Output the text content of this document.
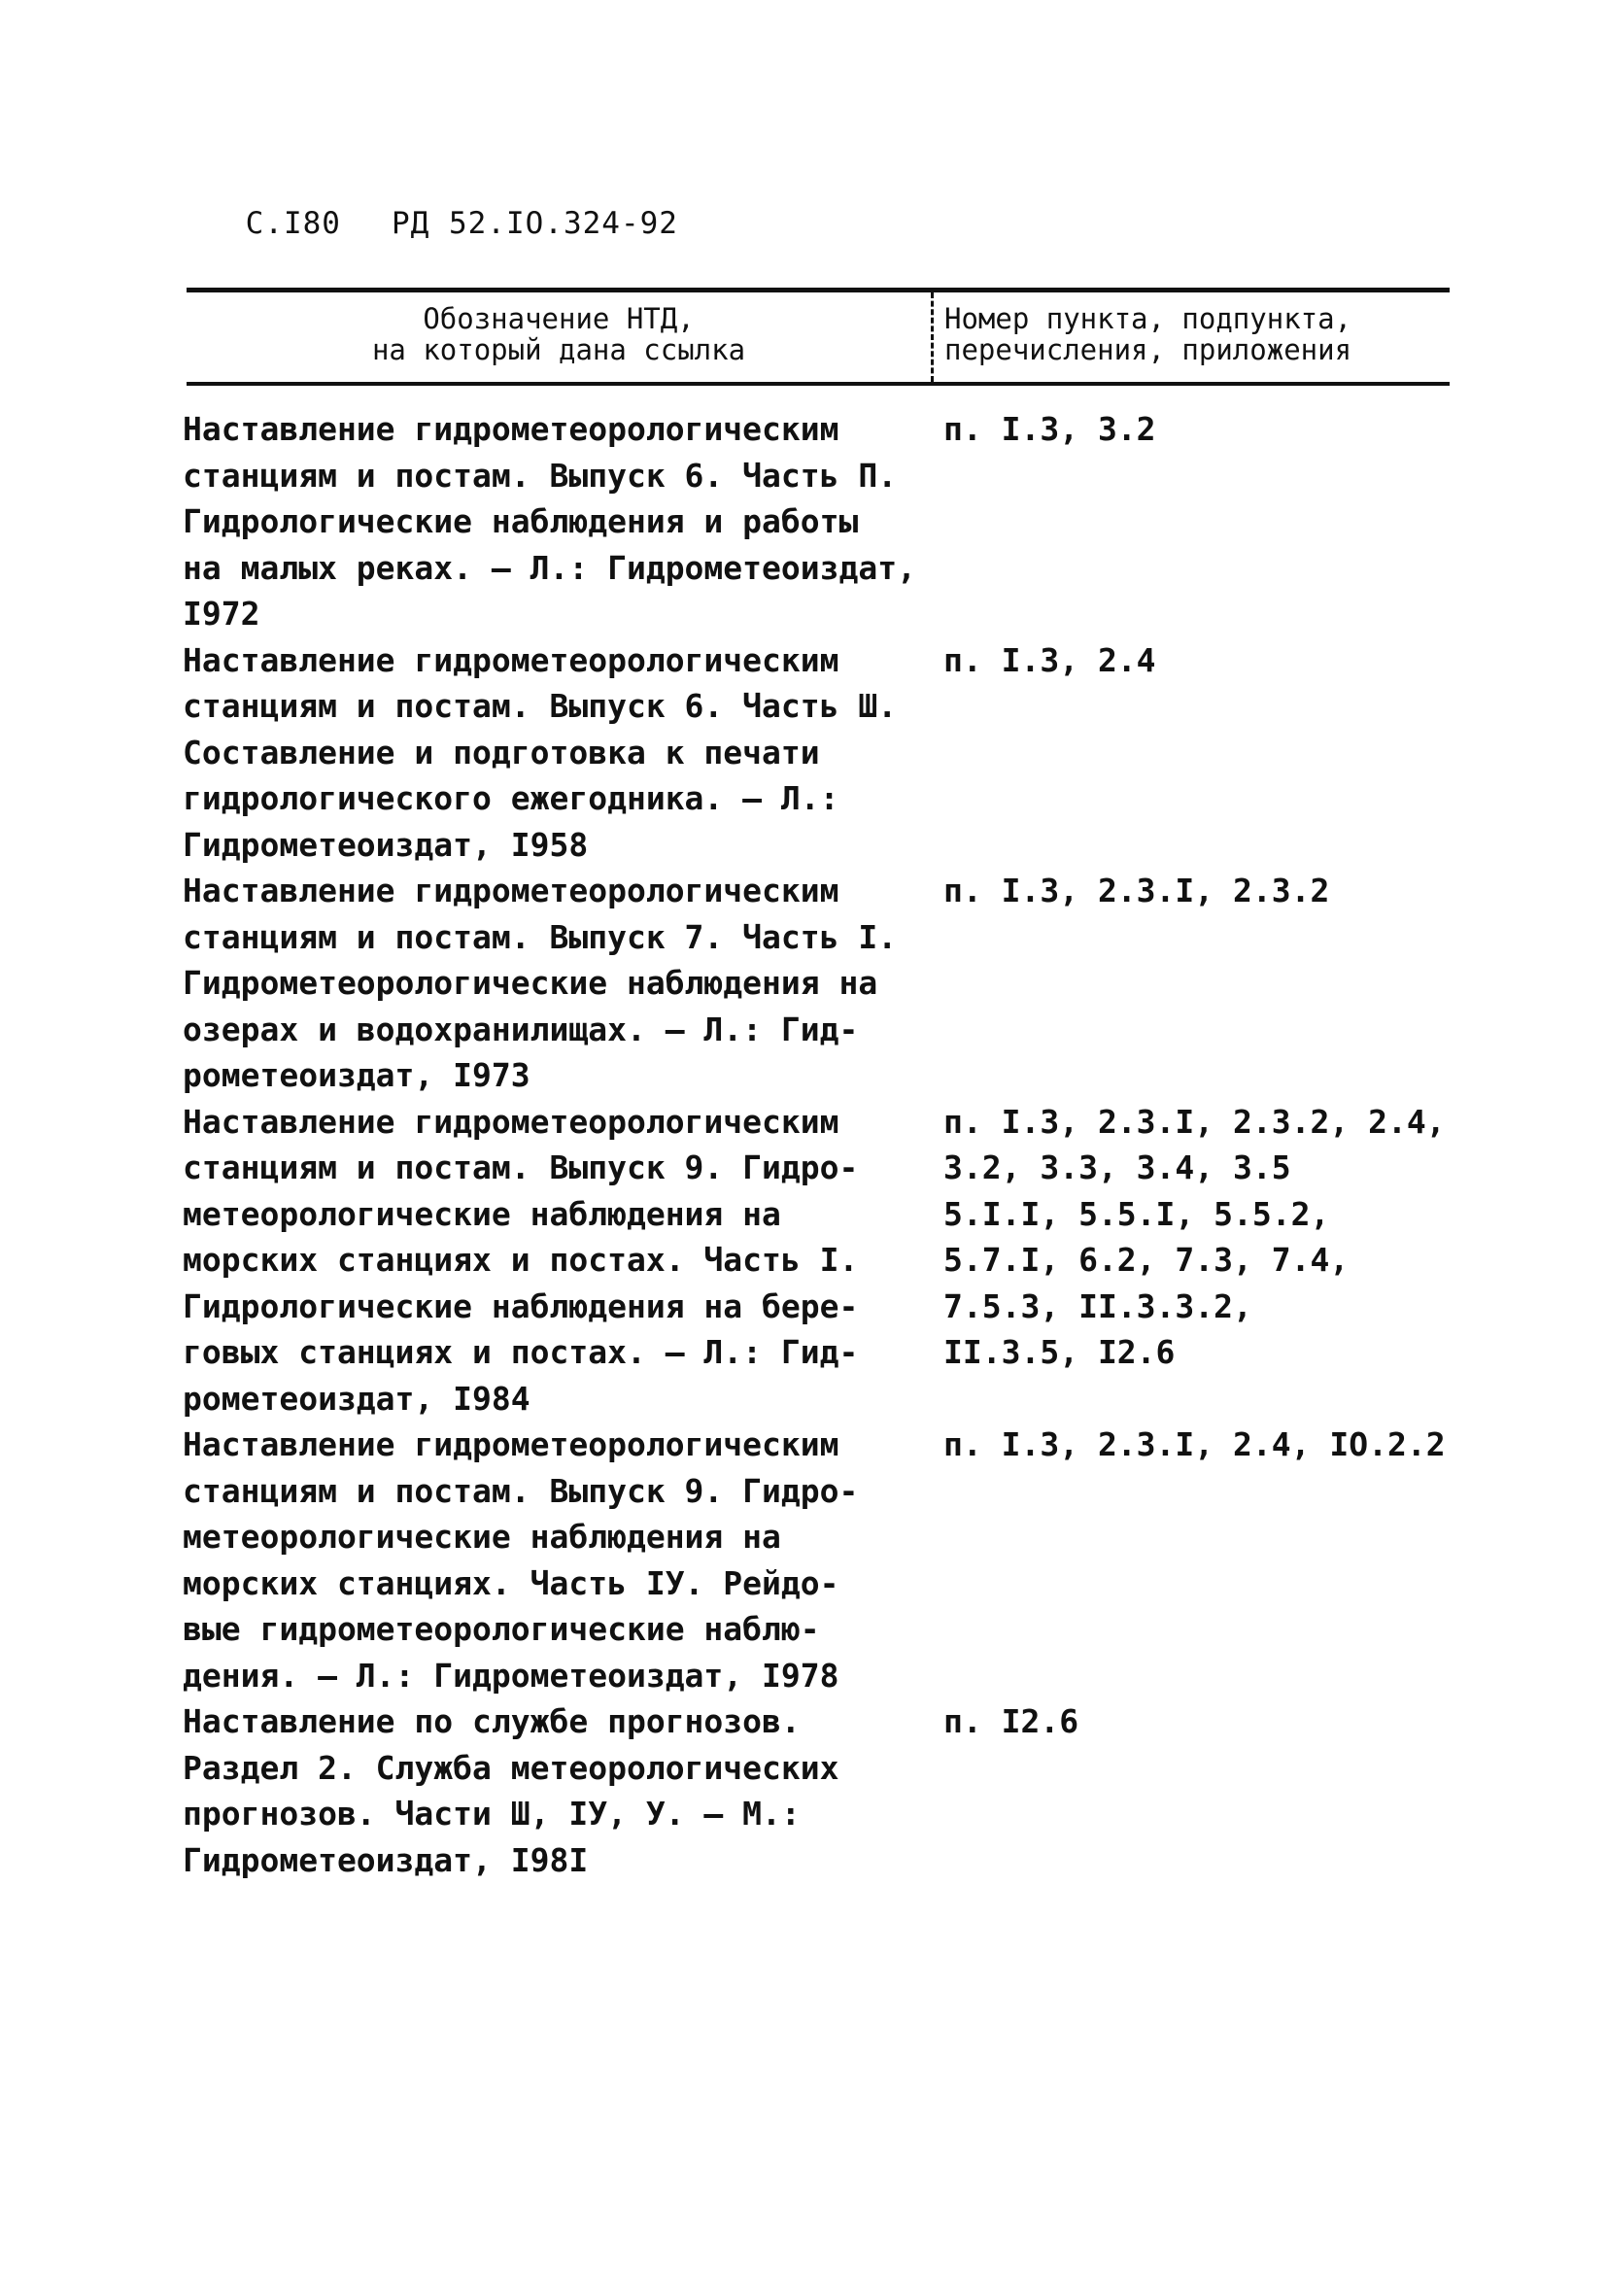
С.I80 РД 52.IO.324-92

Обозначение НТД,
на который дана ссылка
Номер пункта, подпункта,
перечисления, приложения
Наставление гидрометеорологическим
станциям и постам. Выпуск 6. Часть П.
Гидрологические наблюдения и работы
на малых реках. – Л.: Гидрометеоиздат,
I972
п. I.3, 3.2
Наставление гидрометеорологическим
станциям и постам. Выпуск 6. Часть Ш.
Составление и подготовка к печати
гидрологического ежегодника. – Л.:
Гидрометеоиздат, I958
п. I.3, 2.4
Наставление гидрометеорологическим
станциям и постам. Выпуск 7. Часть I.
Гидрометеорологические наблюдения на
озерах и водохранилищах. – Л.: Гид-
рометеоиздат, I973
п. I.3, 2.3.I, 2.3.2
Наставление гидрометеорологическим
станциям и постам. Выпуск 9. Гидро-
метеорологические наблюдения на
морских станциях и постах. Часть I.
Гидрологические наблюдения на бере-
говых станциях и постах. – Л.: Гид-
рометеоиздат, I984
п. I.3, 2.3.I, 2.3.2, 2.4,
3.2, 3.3, 3.4, 3.5
5.I.I, 5.5.I, 5.5.2,
5.7.I, 6.2, 7.3, 7.4,
7.5.3, II.3.3.2,
II.3.5, I2.6
Наставление гидрометеорологическим
станциям и постам. Выпуск 9. Гидро-
метеорологические наблюдения на
морских станциях. Часть IУ. Рейдо-
вые гидрометеорологические наблю-
дения. – Л.: Гидрометеоиздат, I978
п. I.3, 2.3.I, 2.4, IO.2.2
Наставление по службе прогнозов.
Раздел 2. Служба метеорологических
прогнозов. Части Ш, IУ, У. – М.:
Гидрометеоиздат, I98I
п. I2.6
